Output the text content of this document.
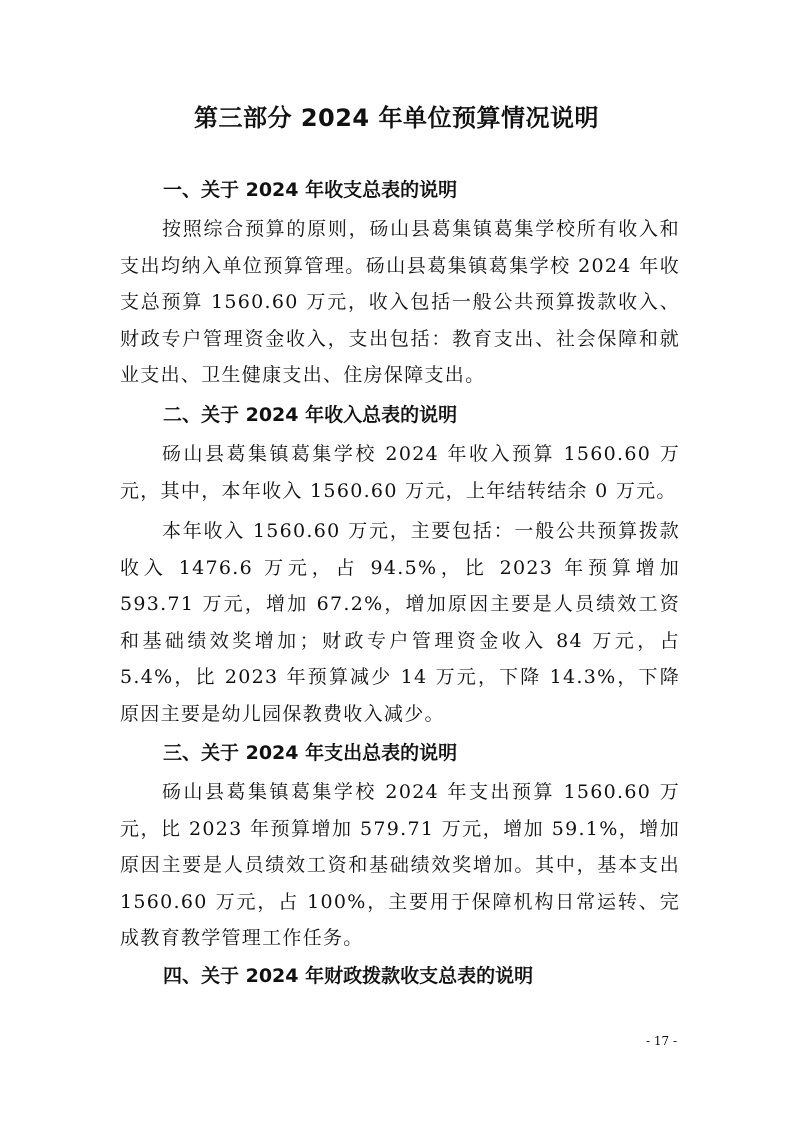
第三部分 2024 年单位预算情况说明
一、关于 2024 年收支总表的说明
按照综合预算的原则，砀山县葛集镇葛集学校所有收入和支出均纳入单位预算管理。砀山县葛集镇葛集学校 2024 年收支总预算 1560.60 万元，收入包括一般公共预算拨款收入、财政专户管理资金收入，支出包括：教育支出、社会保障和就业支出、卫生健康支出、住房保障支出。
二、关于 2024 年收入总表的说明
砀山县葛集镇葛集学校 2024 年收入预算 1560.60 万元，其中，本年收入 1560.60 万元，上年结转结余 0 万元。
本年收入 1560.60 万元，主要包括：一般公共预算拨款收入 1476.6 万元，占 94.5%，比 2023 年预算增加 593.71 万元，增加 67.2%，增加原因主要是人员绩效工资和基础绩效奖增加；财政专户管理资金收入 84 万元，占 5.4%，比 2023 年预算减少 14 万元，下降 14.3%，下降原因主要是幼儿园保教费收入减少。
三、关于 2024 年支出总表的说明
砀山县葛集镇葛集学校 2024 年支出预算 1560.60 万元，比 2023 年预算增加 579.71 万元，增加 59.1%，增加原因主要是人员绩效工资和基础绩效奖增加。其中，基本支出 1560.60 万元，占 100%，主要用于保障机构日常运转、完成教育教学管理工作任务。
四、关于 2024 年财政拨款收支总表的说明
- 17 -
